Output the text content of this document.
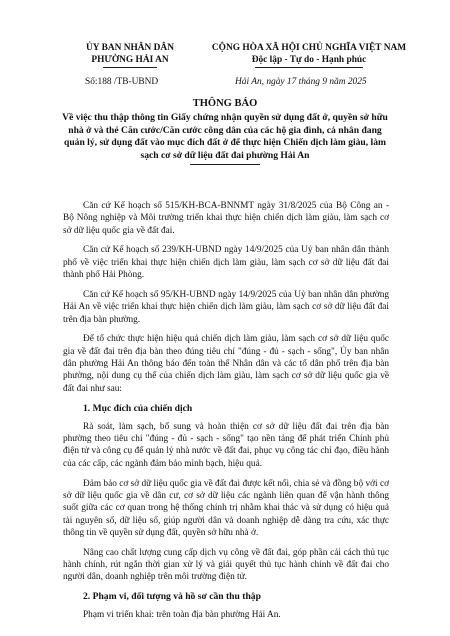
ỦY BAN NHÂN DÂN
PHƯỜNG HẢI AN
CỘNG HÒA XÃ HỘI CHỦ NGHĨA VIỆT NAM
Độc lập - Tự do - Hạnh phúc
Số:188 /TB-UBND	Hải An, ngày 17 tháng 9 năm 2025
THÔNG BÁO
Về việc thu thập thông tin Giấy chứng nhận quyền sử dụng đất ở, quyền sở hữu nhà ở và thẻ Căn cước/Căn cước công dân của các hộ gia đình, cá nhân đang quản lý, sử dụng đất vào mục đích đất ở để thực hiện Chiến dịch làm giàu, làm sạch cơ sở dữ liệu đất đai phường Hải An

Căn cứ Kế hoạch số 515/KH-BCA-BNNMT ngày 31/8/2025 của Bộ Công an - Bộ Nông nghiệp và Môi trường triển khai thực hiện chiến dịch làm giàu, làm sạch cơ sở dữ liệu quốc gia về đất đai.

Căn cứ Kế hoạch số 239/KH-UBND ngày 14/9/2025 của Uỷ ban nhân dân thành phố về việc triển khai thực hiện chiến dịch làm giàu, làm sạch cơ sở dữ liệu đất đai thành phố Hải Phòng.

Căn cứ Kế hoạch số 95/KH-UBND ngày 14/9/2025 của Uỷ ban nhân dân phường Hải An về việc triển khai thực hiện chiến dịch làm giàu, làm sạch cơ sở dữ liệu đất đai trên địa bàn phường.

Để tổ chức thực hiện hiệu quả chiến dịch làm giàu, làm sạch cơ sở dữ liệu quốc gia về đất đai trên địa bàn theo đúng tiêu chí "đúng - đủ - sạch - sống", Ủy ban nhân dân phường Hải An thông báo đến toàn thể Nhân dân và các tổ dân phố trên địa bàn phường, nội dung cụ thể của chiến dịch làm giàu, làm sạch cơ sở dữ liệu quốc gia về đất đai như sau:

1. Mục đích của chiến dịch

Rà soát, làm sạch, bổ sung và hoàn thiện cơ sở dữ liệu đất đai trên địa bàn phường theo tiêu chí "đúng - đủ - sạch - sống" tạo nền tảng để phát triển Chính phủ điện tử và công cụ để quản lý nhà nước về đất đai, phục vụ công tác chỉ đạo, điều hành của các cấp, các ngành đảm bảo minh bạch, hiệu quả.

Đảm bảo cơ sở dữ liệu quốc gia về đất đai được kết nối, chia sẻ và đồng bộ với cơ sở dữ liệu quốc gia về dân cư, cơ sở dữ liệu các ngành liên quan để vận hành thông suốt giữa các cơ quan trong hệ thống chính trị nhằm khai thác và sử dụng có hiệu quả tài nguyên số, dữ liệu số, giúp người dân và doanh nghiệp dễ dàng tra cứu, xác thực thông tin về quyền sử dụng đất, quyền sở hữu nhà ở.

Nâng cao chất lượng cung cấp dịch vụ công về đất đai, góp phần cải cách thủ tục hành chính, rút ngắn thời gian xử lý và giải quyết thủ tục hành chính về đất đai cho người dân, doanh nghiệp trên môi trường điện tử.

2. Phạm vi, đối tượng và hồ sơ cần thu thập

Phạm vi triển khai: trên toàn địa bàn phường Hải An.
